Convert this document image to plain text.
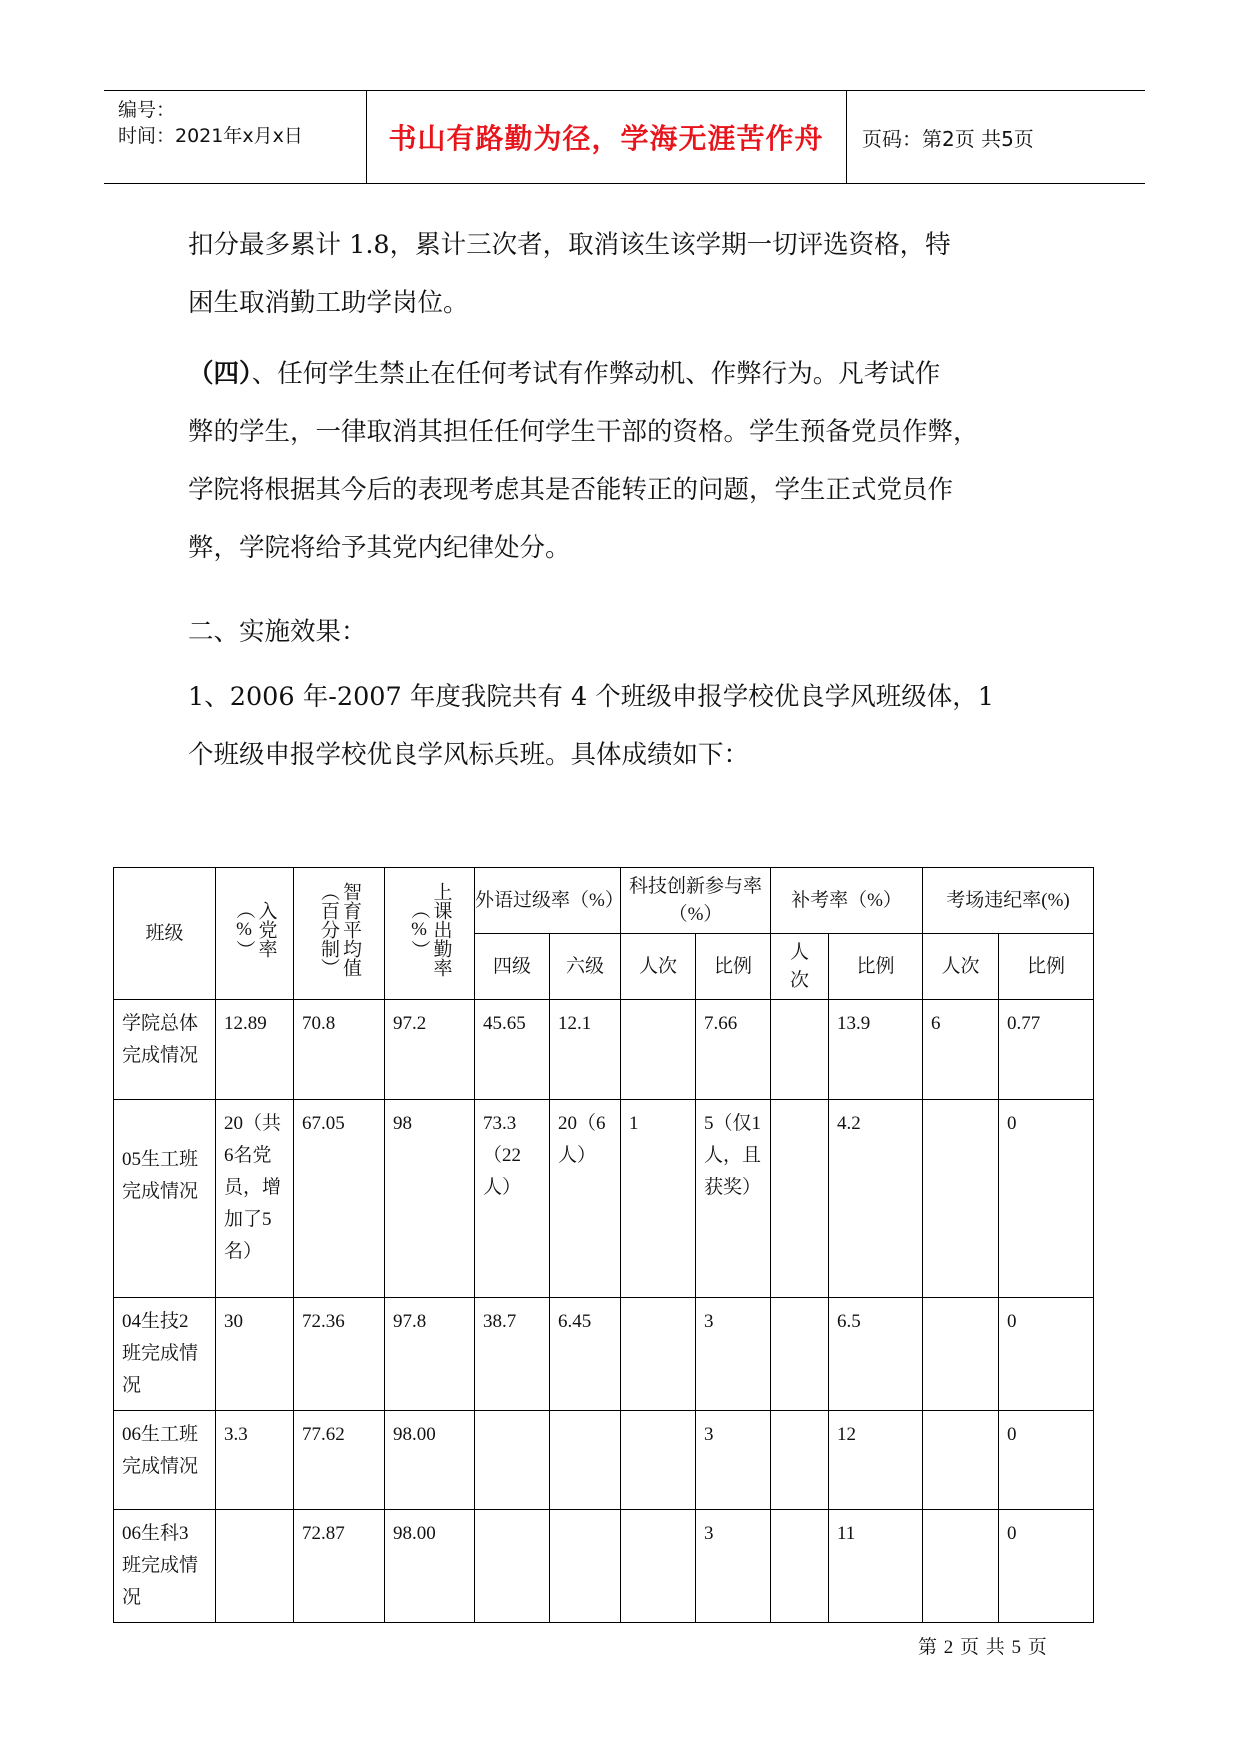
编号：
时间：2021年x月x日	书山有路勤为径，学海无涯苦作舟	页码：第2页 共5页
扣分最多累计 1.8，累计三次者，取消该生该学期一切评选资格，特
困生取消勤工助学岗位。
（四）、任何学生禁止在任何考试有作弊动机、作弊行为。凡考试作
弊的学生，一律取消其担任任何学生干部的资格。学生预备党员作弊，
学院将根据其今后的表现考虑其是否能转正的问题，学生正式党员作
弊，学院将给予其党内纪律处分。
二、实施效果：
1、2006 年-2007 年度我院共有 4 个班级申报学校优良学风班级体，1
个班级申报学校优良学风标兵班。具体成绩如下：
班级	入党率（%）	智育平均值（百分制）	上课出勤率（%）	外语过级率（%）		科技创新参与率（%）		补考率（%）		考场违纪率(%)	
				四级	六级	人次	比例	人次	比例	人次	比例

学院总体完成情况	12.89	70.8	97.2	45.65	12.1		7.66		13.9	6	0.77

05生工班完成情况	20（共6名党员，增加了5名）	67.05	98	73.3（22人）	20（6人）	1	5（仅1人，且获奖）		4.2		0

04生技2班完成情况	30	72.36	97.8	38.7	6.45		3		6.5		0

06生工班完成情况	3.3	77.62	98.00				3		12		0

06生科3班完成情况		72.87	98.00				3		11		0
第 2 页 共 5 页
